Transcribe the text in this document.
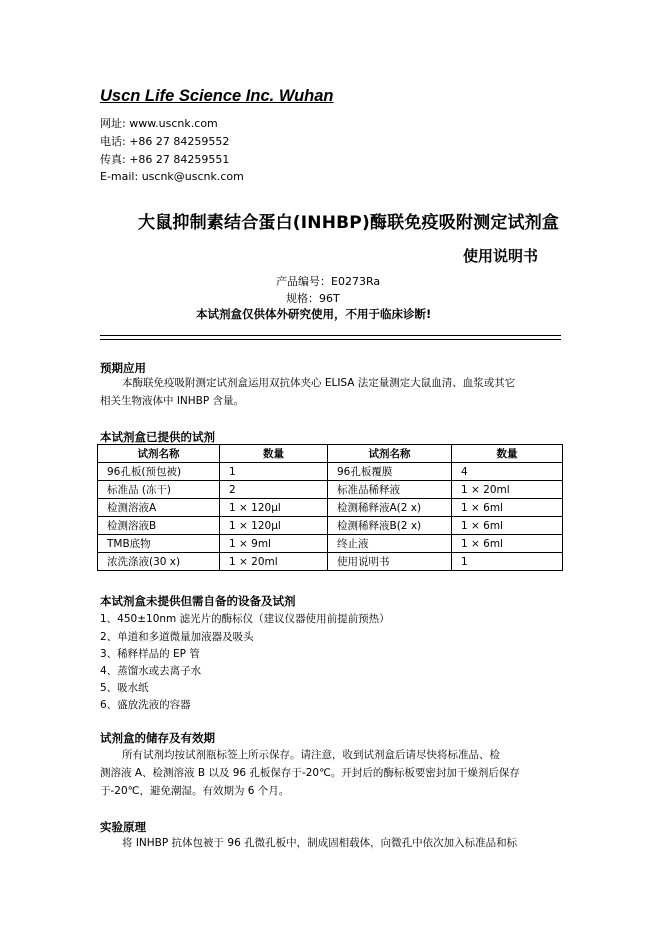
Uscn Life Science Inc. Wuhan
网址: www.uscnk.com
电话: +86 27 84259552
传真: +86 27 84259551
E-mail: uscnk@uscnk.com
大鼠抑制素结合蛋白(INHBP)酶联免疫吸附测定试剂盒
使用说明书
产品编号：E0273Ra
规格：96T
本试剂盒仅供体外研究使用，不用于临床诊断!
预期应用
本酶联免疫吸附测定试剂盒运用双抗体夹心 ELISA 法定量测定大鼠血清、血浆或其它
相关生物液体中 INHBP 含量。
本试剂盒已提供的试剂
试剂名称	数量	试剂名称	数量
96孔板(预包被)	1	96孔板覆膜	4
标准品 (冻干)	2	标准品稀释液	1 × 20ml
检测溶液A	1 × 120μl	检测稀释液A(2 x)	1 × 6ml
检测溶液B	1 × 120μl	检测稀释液B(2 x)	1 × 6ml
TMB底物	1 × 9ml	终止液	1 × 6ml
浓洗涤液(30 x)	1 × 20ml	使用说明书	1
本试剂盒未提供但需自备的设备及试剂
1、450±10nm 滤光片的酶标仪（建议仪器使用前提前预热）
2、单道和多道微量加液器及吸头
3、稀释样品的 EP 管
4、蒸馏水或去离子水
5、吸水纸
6、盛放洗液的容器
试剂盒的储存及有效期
所有试剂均按试剂瓶标签上所示保存。请注意，收到试剂盒后请尽快将标准品、检
测溶液 A、检测溶液 B 以及 96 孔板保存于-20℃。开封后的酶标板要密封加干燥剂后保存
于-20℃，避免潮湿。有效期为 6 个月。
实验原理
将 INHBP 抗体包被于 96 孔微孔板中，制成固相载体，向微孔中依次加入标准品和标
